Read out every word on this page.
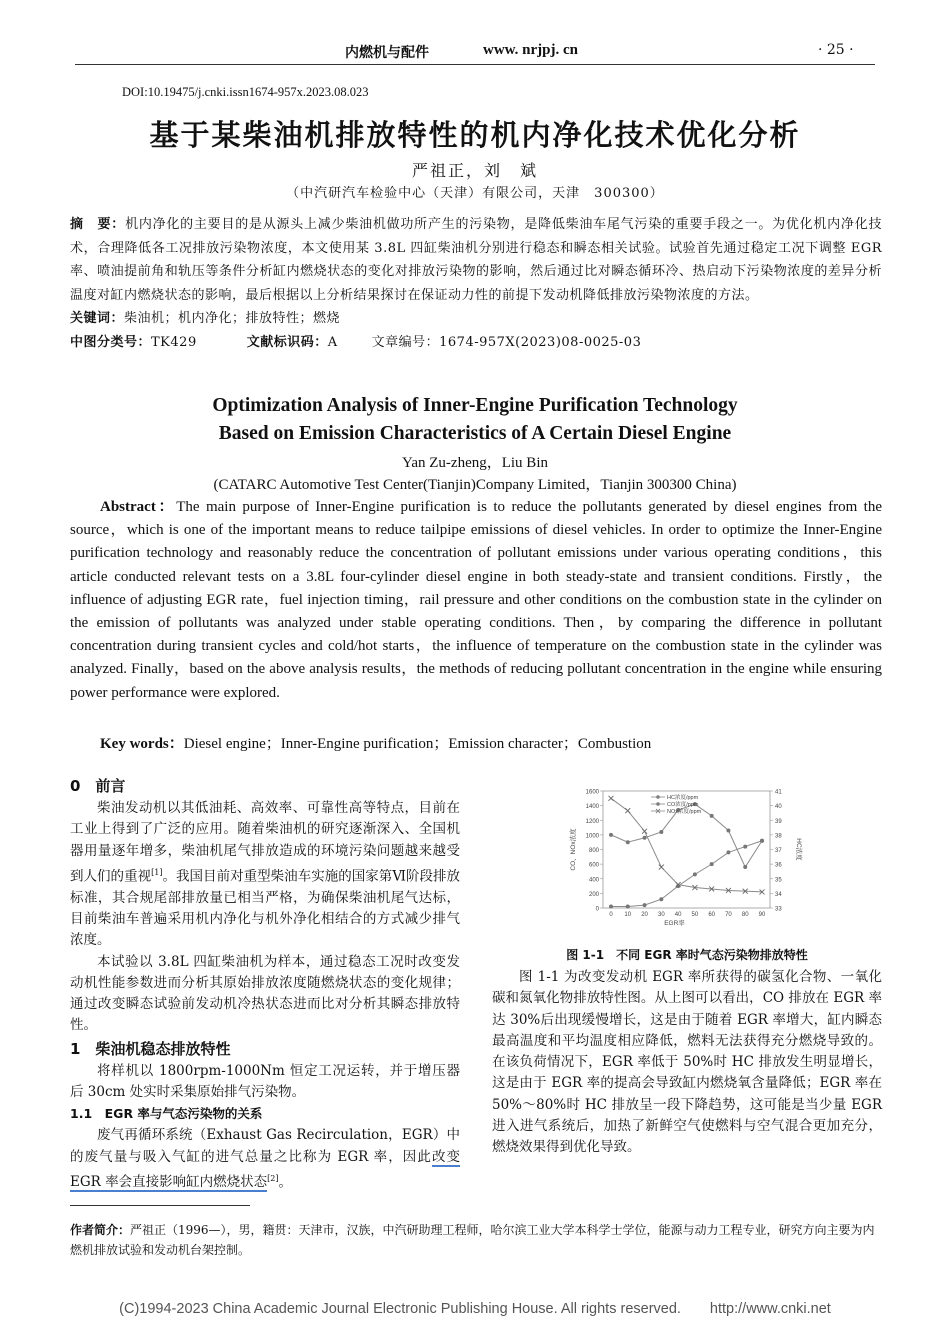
内燃机与配件	www. nrjpj. cn	· 25 ·
DOI:10.19475/j.cnki.issn1674-957x.2023.08.023
基于某柴油机排放特性的机内净化技术优化分析
严祖正，刘　斌
（中汽研汽车检验中心（天津）有限公司，天津　300300）
摘　要：机内净化的主要目的是从源头上减少柴油机做功所产生的污染物，是降低柴油车尾气污染的重要手段之一。为优化机内净化技术，合理降低各工况排放污染物浓度，本文使用某 3.8L 四缸柴油机分别进行稳态和瞬态相关试验。试验首先通过稳定工况下调整 EGR 率、喷油提前角和轨压等条件分析缸内燃烧状态的变化对排放污染物的影响，然后通过比对瞬态循环冷、热启动下污染物浓度的差异分析温度对缸内燃烧状态的影响，最后根据以上分析结果探讨在保证动力性的前提下发动机降低排放污染物浓度的方法。
关键词：柴油机；机内净化；排放特性；燃烧
中图分类号：TK429	文献标识码：A	文章编号：1674-957X(2023)08-0025-03
Optimization Analysis of Inner-Engine Purification Technology
Based on Emission Characteristics of A Certain Diesel Engine
Yan Zu-zheng，Liu Bin
(CATARC Automotive Test Center(Tianjin)Company Limited，Tianjin 300300 China)
Abstract：The main purpose of Inner-Engine purification is to reduce the pollutants generated by diesel engines from the source，which is one of the important means to reduce tailpipe emissions of diesel vehicles. In order to optimize the Inner-Engine purification technology and reasonably reduce the concentration of pollutant emissions under various operating conditions，this article conducted relevant tests on a 3.8L four-cylinder diesel engine in both steady-state and transient conditions. Firstly，the influence of adjusting EGR rate，fuel injection timing，rail pressure and other conditions on the combustion state in the cylinder on the emission of pollutants was analyzed under stable operating conditions. Then，by comparing the difference in pollutant concentration during transient cycles and cold/hot starts，the influence of temperature on the combustion state in the cylinder was analyzed. Finally，based on the above analysis results，the methods of reducing pollutant concentration in the engine while ensuring power performance were explored.
Key words：Diesel engine；Inner-Engine purification；Emission character；Combustion
0　前言

柴油发动机以其低油耗、高效率、可靠性高等特点，目前在工业上得到了广泛的应用。随着柴油机的研究逐渐深入、全国机器用量逐年增多，柴油机尾气排放造成的环境污染问题越来越受到人们的重视[1]。我国目前对重型柴油车实施的国家第Ⅵ阶段排放标准，其合规尾部排放量已相当严格，为确保柴油机尾气达标，目前柴油车普遍采用机内净化与机外净化相结合的方式减少排气浓度。

本试验以 3.8L 四缸柴油机为样本，通过稳态工况时改变发动机性能参数进而分析其原始排放浓度随燃烧状态的变化规律；通过改变瞬态试验前发动机冷热状态进而比对分析其瞬态排放特性。

1　柴油机稳态排放特性

将样机以 1800rpm-1000Nm 恒定工况运转，并于增压器后 30cm 处实时采集原始排气污染物。

1.1　EGR 率与气态污染物的关系

废气再循环系统（Exhaust Gas Recirculation，EGR）中的废气量与吸入气缸的进气总量之比称为 EGR 率，因此改变 EGR 率会直接影响缸内燃烧状态[2]。

0
200
400
600
800
1000
1200
1400
1600
33
34
35
36
37
38
39
40
41
0 10 20 30 40 50 60 70 80 90
EGR率
CO、NOx浓度	HC浓度
HC浓度/ppm
CO浓度/ppm
NOx浓度/ppm
图 1-1　不同 EGR 率时气态污染物排放特性

图 1-1 为改变发动机 EGR 率所获得的碳氢化合物、一氧化碳和氮氧化物排放特性图。从上图可以看出，CO 排放在 EGR 率达 30%后出现缓慢增长，这是由于随着 EGR 率增大，缸内瞬态最高温度和平均温度相应降低，燃料无法获得充分燃烧导致的。在该负荷情况下，EGR 率低于 50%时 HC 排放发生明显增长，这是由于 EGR 率的提高会导致缸内燃烧氧含量降低；EGR 率在 50%～80%时 HC 排放呈一段下降趋势，这可能是当少量 EGR 进入进气系统后，加热了新鲜空气使燃料与空气混合更加充分，燃烧效果得到优化导致。

作者简介：严祖正（1996—），男，籍贯：天津市，汉族，中汽研助理工程师，哈尔滨工业大学本科学士学位，能源与动力工程专业，研究方向主要为内燃机排放试验和发动机台架控制。
(C)1994-2023 China Academic Journal Electronic Publishing House. All rights reserved.　　http://www.cnki.net
